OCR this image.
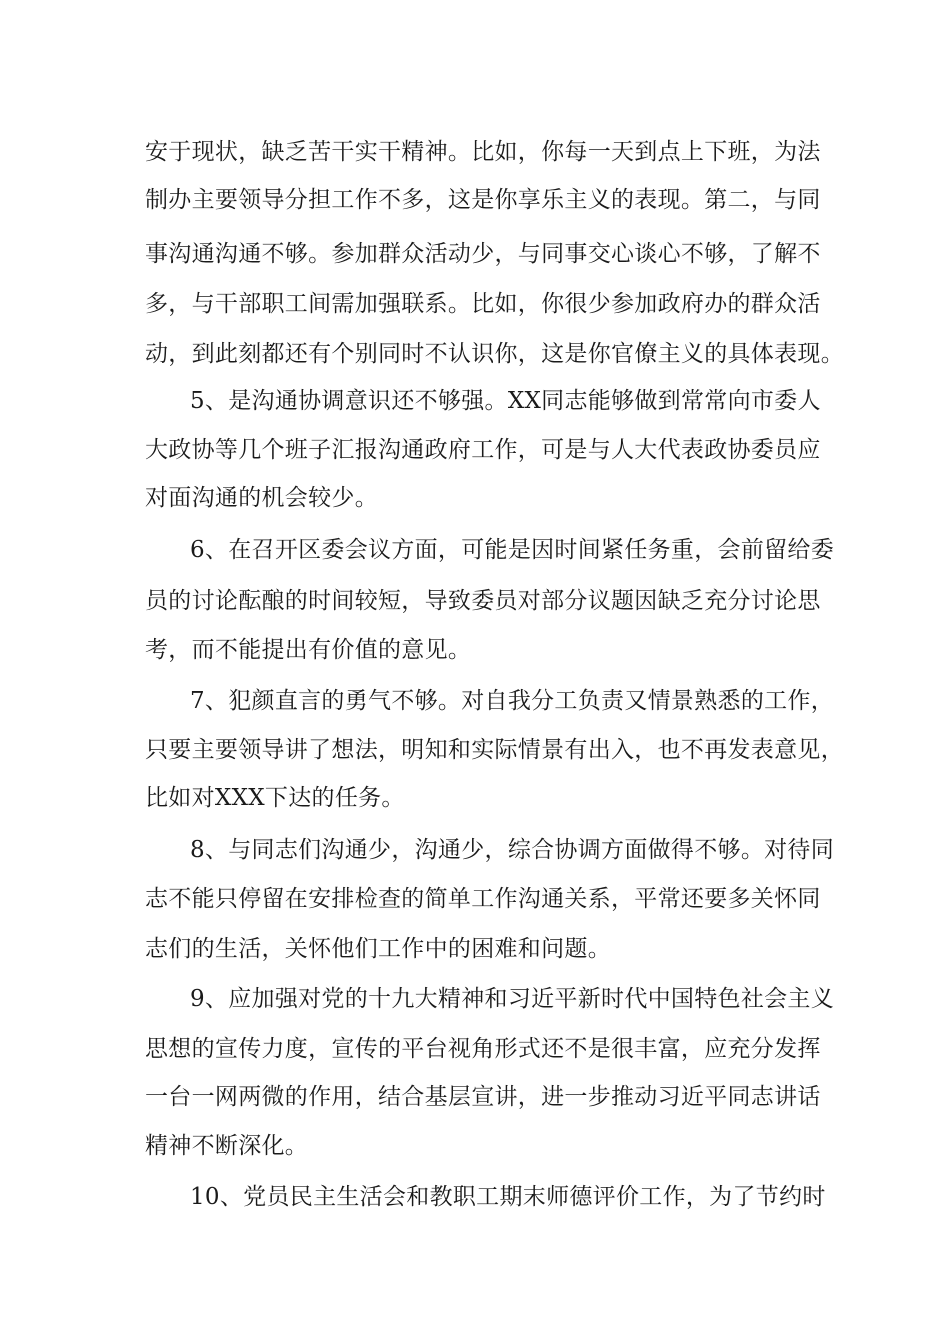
安于现状，缺乏苦干实干精神。比如，你每一天到点上下班，为法
制办主要领导分担工作不多，这是你享乐主义的表现。第二，与同
事沟通沟通不够。参加群众活动少，与同事交心谈心不够，了解不
多，与干部职工间需加强联系。比如，你很少参加政府办的群众活
动，到此刻都还有个别同时不认识你，这是你官僚主义的具体表现。
5、是沟通协调意识还不够强。XX同志能够做到常常向市委人
大政协等几个班子汇报沟通政府工作，可是与人大代表政协委员应
对面沟通的机会较少。
6、在召开区委会议方面，可能是因时间紧任务重，会前留给委
员的讨论酝酿的时间较短，导致委员对部分议题因缺乏充分讨论思
考，而不能提出有价值的意见。
7、犯颜直言的勇气不够。对自我分工负责又情景熟悉的工作，
只要主要领导讲了想法，明知和实际情景有出入，也不再发表意见，
比如对XXX下达的任务。
8、与同志们沟通少，沟通少，综合协调方面做得不够。对待同
志不能只停留在安排检查的简单工作沟通关系，平常还要多关怀同
志们的生活，关怀他们工作中的困难和问题。
9、应加强对党的十九大精神和习近平新时代中国特色社会主义
思想的宣传力度，宣传的平台视角形式还不是很丰富，应充分发挥
一台一网两微的作用，结合基层宣讲，进一步推动习近平同志讲话
精神不断深化。
10、党员民主生活会和教职工期末师德评价工作，为了节约时
